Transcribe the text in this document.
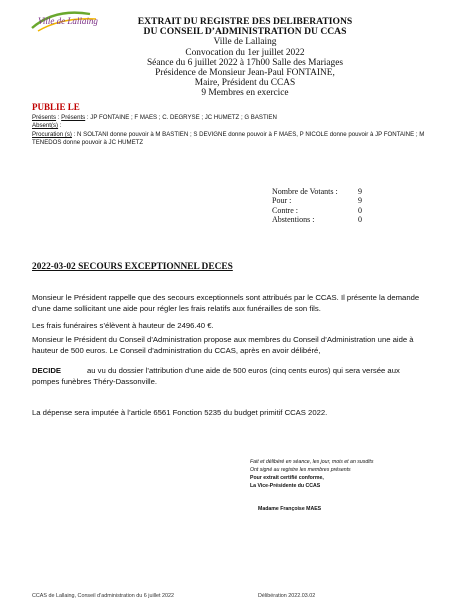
Ville de Lallaing	EXTRAIT DU REGISTRE DES DELIBERATIONS
DU CONSEIL D’ADMINISTRATION DU CCAS
Ville de Lallaing
Convocation du 1er juillet 2022
Séance du 6 juillet 2022 à 17h00 Salle des Mariages
Présidence de Monsieur Jean-Paul FONTAINE,
Maire, Président du CCAS
9 Membres en exercice
PUBLIE LE
Présents : Présents : JP FONTAINE ; F MAES ; C. DEGRYSE ; JC HUMETZ ; G BASTIEN
Absent(s) :
Procuration (s) : N SOLTANI donne pouvoir à M BASTIEN ; S DEVIGNE donne pouvoir à F MAES, P NICOLE donne pouvoir à JP FONTAINE ; M TENEDOS donne pouvoir à JC HUMETZ
Nombre de Votants :	9
Pour :	9
Contre :	0
Abstentions :	0
2022-03-02 SECOURS EXCEPTIONNEL DECES
Monsieur le Président rappelle que des secours exceptionnels sont attribués par le CCAS. Il présente la demande d’une dame sollicitant une aide pour régler les frais relatifs aux funérailles de son fils.
Les frais funéraires s’élèvent à hauteur de 2496.40 €.
Monsieur le Président du Conseil d’Administration propose aux membres du Conseil d’Administration une aide à hauteur de 500 euros. Le Conseil d’administration du CCAS, après en avoir délibéré,
DECIDE	au vu du dossier l’attribution d’une aide de 500 euros (cinq cents euros) qui sera versée aux
pompes funèbres Théry-Dassonville.
La dépense sera imputée à l’article 6561 Fonction 5235 du budget primitif CCAS 2022.
Fait et délibéré en séance, les jour, mois et an susdits
Ont signé au registre les membres présents
Pour extrait certifié conforme,
La Vice-Présidente du CCAS
Madame Françoise MAES
CCAS de Lallaing, Conseil d’administration du 6 juillet 2022	Délibération 2022.03.02
